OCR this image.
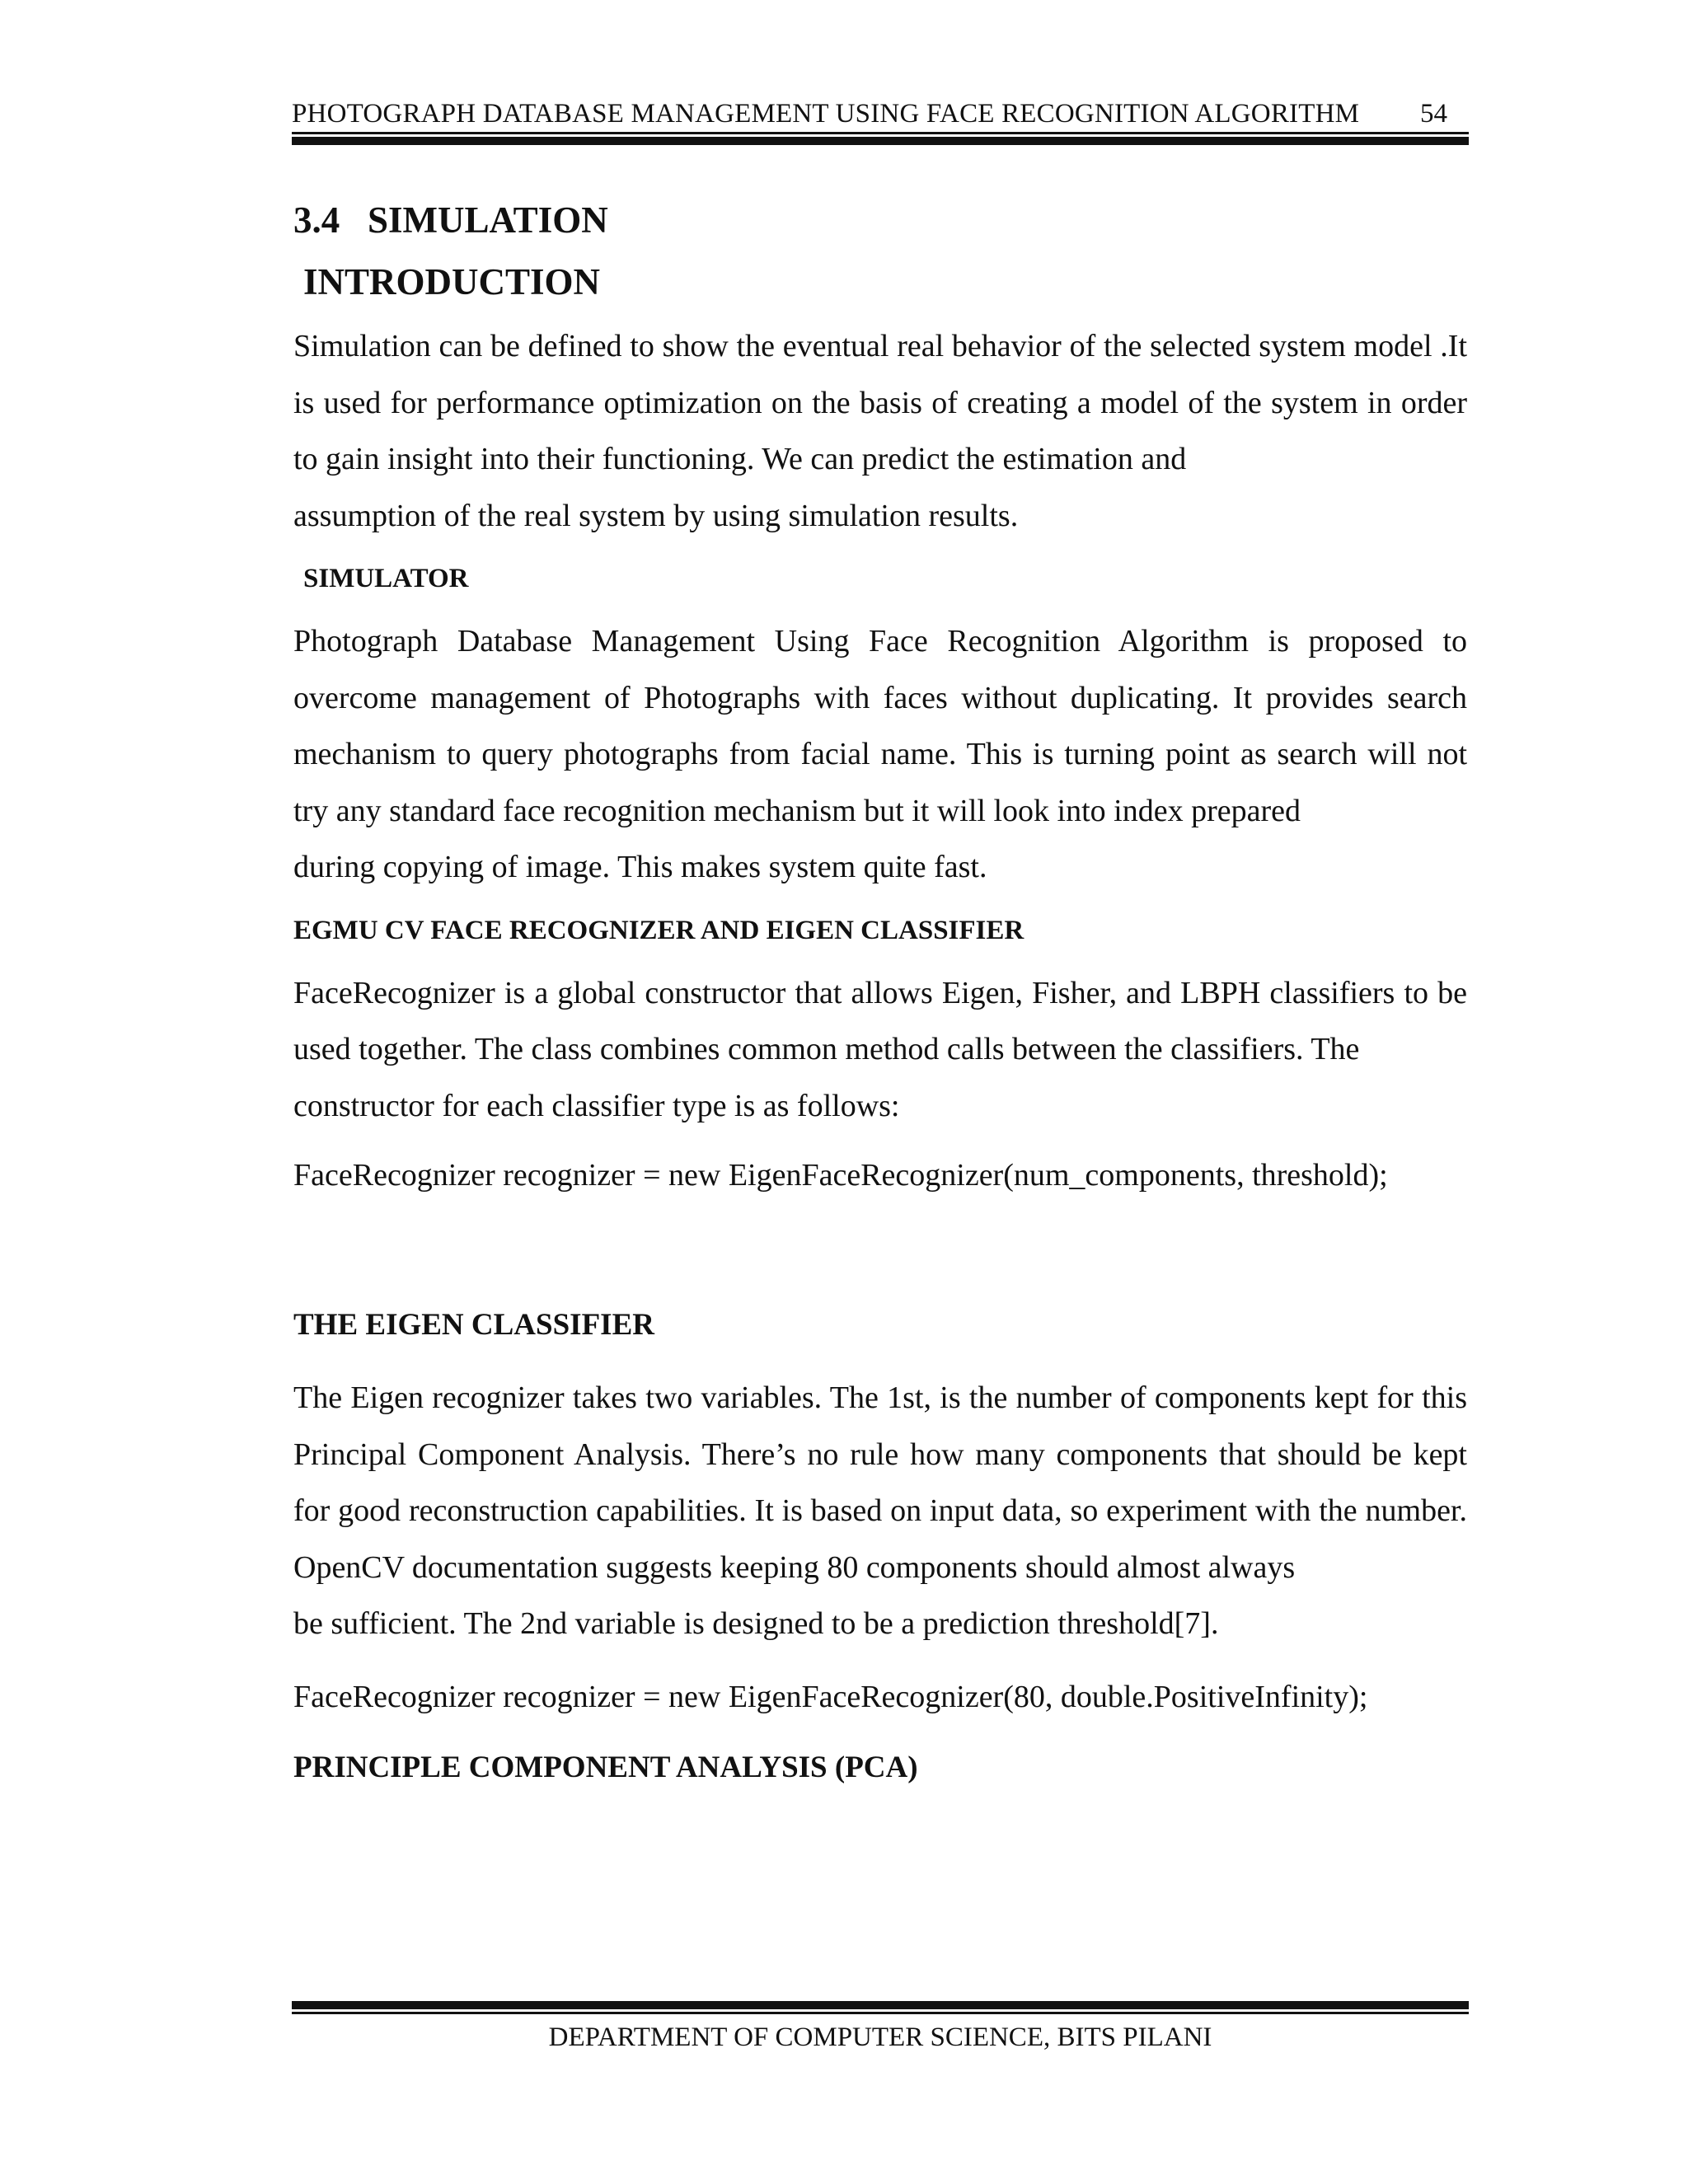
PHOTOGRAPH DATABASE MANAGEMENT USING FACE RECOGNITION ALGORITHM 54
3.4 SIMULATION
INTRODUCTION

Simulation can be defined to show the eventual real behavior of the selected system model .It is used for performance optimization on the basis of creating a model of the system in order to gain insight into their functioning. We can predict the estimation and

assumption of the real system by using simulation results.

SIMULATOR

Photograph Database Management Using Face Recognition Algorithm is proposed to overcome management of Photographs with faces without duplicating. It provides search mechanism to query photographs from facial name. This is turning point as search will not try any standard face recognition mechanism but it will look into index prepared

during copying of image. This makes system quite fast.

EGMU CV FACE RECOGNIZER AND EIGEN CLASSIFIER

FaceRecognizer is a global constructor that allows Eigen, Fisher, and LBPH classifiers to be used together. The class combines common method calls between the classifiers. The

constructor for each classifier type is as follows:

FaceRecognizer recognizer = new EigenFaceRecognizer(num_components, threshold);

THE EIGEN CLASSIFIER

The Eigen recognizer takes two variables. The 1st, is the number of components kept for this Principal Component Analysis. There’s no rule how many components that should be kept for good reconstruction capabilities. It is based on input data, so experiment with the number. OpenCV documentation suggests keeping 80 components should almost always

be sufficient. The 2nd variable is designed to be a prediction threshold[7].

FaceRecognizer recognizer = new EigenFaceRecognizer(80, double.PositiveInfinity);

PRINCIPLE COMPONENT ANALYSIS (PCA)
DEPARTMENT OF COMPUTER SCIENCE, BITS PILANI
